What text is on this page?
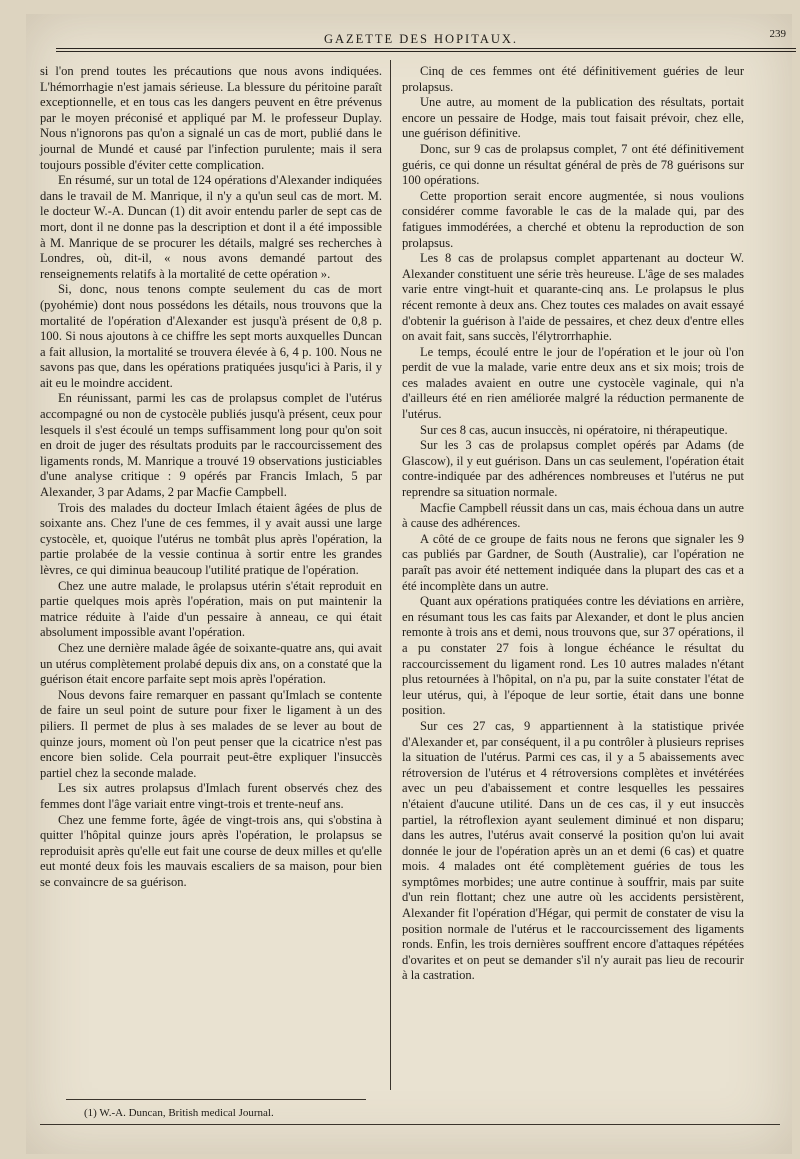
GAZETTE DES HOPITAUX.	239

si l'on prend toutes les précautions que nous avons indiquées. L'hémorrhagie n'est jamais sérieuse. La blessure du péritoine paraît exceptionnelle, et en tous cas les dangers peuvent en être prévenus par le moyen préconisé et appliqué par M. le professeur Duplay. Nous n'ignorons pas qu'on a signalé un cas de mort, publié dans le journal de Mundé et causé par l'infection purulente; mais il sera toujours possible d'éviter cette complication.

En résumé, sur un total de 124 opérations d'Alexander indiquées dans le travail de M. Manrique, il n'y a qu'un seul cas de mort. M. le docteur W.-A. Duncan (1) dit avoir entendu parler de sept cas de mort, dont il ne donne pas la description et dont il a été impossible à M. Manrique de se procurer les détails, malgré ses recherches à Londres, où, dit-il, « nous avons demandé partout des renseignements relatifs à la mortalité de cette opération ».

Si, donc, nous tenons compte seulement du cas de mort (pyohémie) dont nous possédons les détails, nous trouvons que la mortalité de l'opération d'Alexander est jusqu'à présent de 0,8 p. 100. Si nous ajoutons à ce chiffre les sept morts auxquelles Duncan a fait allusion, la mortalité se trouvera élevée à 6, 4 p. 100. Nous ne savons pas que, dans les opérations pratiquées jusqu'ici à Paris, il y ait eu le moindre accident.

En réunissant, parmi les cas de prolapsus complet de l'utérus accompagné ou non de cystocèle publiés jusqu'à présent, ceux pour lesquels il s'est écoulé un temps suffisamment long pour qu'on soit en droit de juger des résultats produits par le raccourcissement des ligaments ronds, M. Manrique a trouvé 19 observations justiciables d'une analyse critique : 9 opérés par Francis Imlach, 5 par Alexander, 3 par Adams, 2 par Macfie Campbell.

Trois des malades du docteur Imlach étaient âgées de plus de soixante ans. Chez l'une de ces femmes, il y avait aussi une large cystocèle, et, quoique l'utérus ne tombât plus après l'opération, la partie prolabée de la vessie continua à sortir entre les grandes lèvres, ce qui diminua beaucoup l'utilité pratique de l'opération.

Chez une autre malade, le prolapsus utérin s'était reproduit en partie quelques mois après l'opération, mais on put maintenir la matrice réduite à l'aide d'un pessaire à anneau, ce qui était absolument impossible avant l'opération.

Chez une dernière malade âgée de soixante-quatre ans, qui avait un utérus complètement prolabé depuis dix ans, on a constaté que la guérison était encore parfaite sept mois après l'opération.

Nous devons faire remarquer en passant qu'Imlach se contente de faire un seul point de suture pour fixer le ligament à un des piliers. Il permet de plus à ses malades de se lever au bout de quinze jours, moment où l'on peut penser que la cicatrice n'est pas encore bien solide. Cela pourrait peut-être expliquer l'insuccès partiel chez la seconde malade.

Les six autres prolapsus d'Imlach furent observés chez des femmes dont l'âge variait entre vingt-trois et trente-neuf ans.

Chez une femme forte, âgée de vingt-trois ans, qui s'obstina à quitter l'hôpital quinze jours après l'opération, le prolapsus se reproduisit après qu'elle eut fait une course de deux milles et qu'elle eut monté deux fois les mauvais escaliers de sa maison, pour bien se convaincre de sa guérison.

Cinq de ces femmes ont été définitivement guéries de leur prolapsus.

Une autre, au moment de la publication des résultats, portait encore un pessaire de Hodge, mais tout faisait prévoir, chez elle, une guérison définitive.

Donc, sur 9 cas de prolapsus complet, 7 ont été définitivement guéris, ce qui donne un résultat général de près de 78 guérisons sur 100 opérations.

Cette proportion serait encore augmentée, si nous voulions considérer comme favorable le cas de la malade qui, par des fatigues immodérées, a cherché et obtenu la reproduction de son prolapsus.

Les 8 cas de prolapsus complet appartenant au docteur W. Alexander constituent une série très heureuse. L'âge de ses malades varie entre vingt-huit et quarante-cinq ans. Le prolapsus le plus récent remonte à deux ans. Chez toutes ces malades on avait essayé d'obtenir la guérison à l'aide de pessaires, et chez deux d'entre elles on avait fait, sans succès, l'élytrorrhaphie.

Le temps, écoulé entre le jour de l'opération et le jour où l'on perdit de vue la malade, varie entre deux ans et six mois; trois de ces malades avaient en outre une cystocèle vaginale, qui n'a d'ailleurs été en rien améliorée malgré la réduction permanente de l'utérus.

Sur ces 8 cas, aucun insuccès, ni opératoire, ni thérapeutique.

Sur les 3 cas de prolapsus complet opérés par Adams (de Glascow), il y eut guérison. Dans un cas seulement, l'opération était contre-indiquée par des adhérences nombreuses et l'utérus ne put reprendre sa situation normale.

Macfie Campbell réussit dans un cas, mais échoua dans un autre à cause des adhérences.

A côté de ce groupe de faits nous ne ferons que signaler les 9 cas publiés par Gardner, de South (Australie), car l'opération ne paraît pas avoir été nettement indiquée dans la plupart des cas et a été incomplète dans un autre.

Quant aux opérations pratiquées contre les déviations en arrière, en résumant tous les cas faits par Alexander, et dont le plus ancien remonte à trois ans et demi, nous trouvons que, sur 37 opérations, il a pu constater 27 fois à longue échéance le résultat du raccourcissement du ligament rond. Les 10 autres malades n'étant plus retournées à l'hôpital, on n'a pu, par la suite constater l'état de leur utérus, qui, à l'époque de leur sortie, était dans une bonne position.

Sur ces 27 cas, 9 appartiennent à la statistique privée d'Alexander et, par conséquent, il a pu contrôler à plusieurs reprises la situation de l'utérus. Parmi ces cas, il y a 5 abaissements avec rétroversion de l'utérus et 4 rétroversions complètes et invétérées avec un peu d'abaissement et contre lesquelles les pessaires n'étaient d'aucune utilité. Dans un de ces cas, il y eut insuccès partiel, la rétroflexion ayant seulement diminué et non disparu; dans les autres, l'utérus avait conservé la position qu'on lui avait donnée le jour de l'opération après un an et demi (6 cas) et quatre mois. 4 malades ont été complètement guéries de tous les symptômes morbides; une autre continue à souffrir, mais par suite d'un rein flottant; chez une autre où les accidents persistèrent, Alexander fit l'opération d'Hégar, qui permit de constater de visu la position normale de l'utérus et le raccourcissement des ligaments ronds. Enfin, les trois dernières souffrent encore d'attaques répétées d'ovarites et on peut se demander s'il n'y aurait pas lieu de recourir à la castration.

(1) W.-A. Duncan, British medical Journal.
